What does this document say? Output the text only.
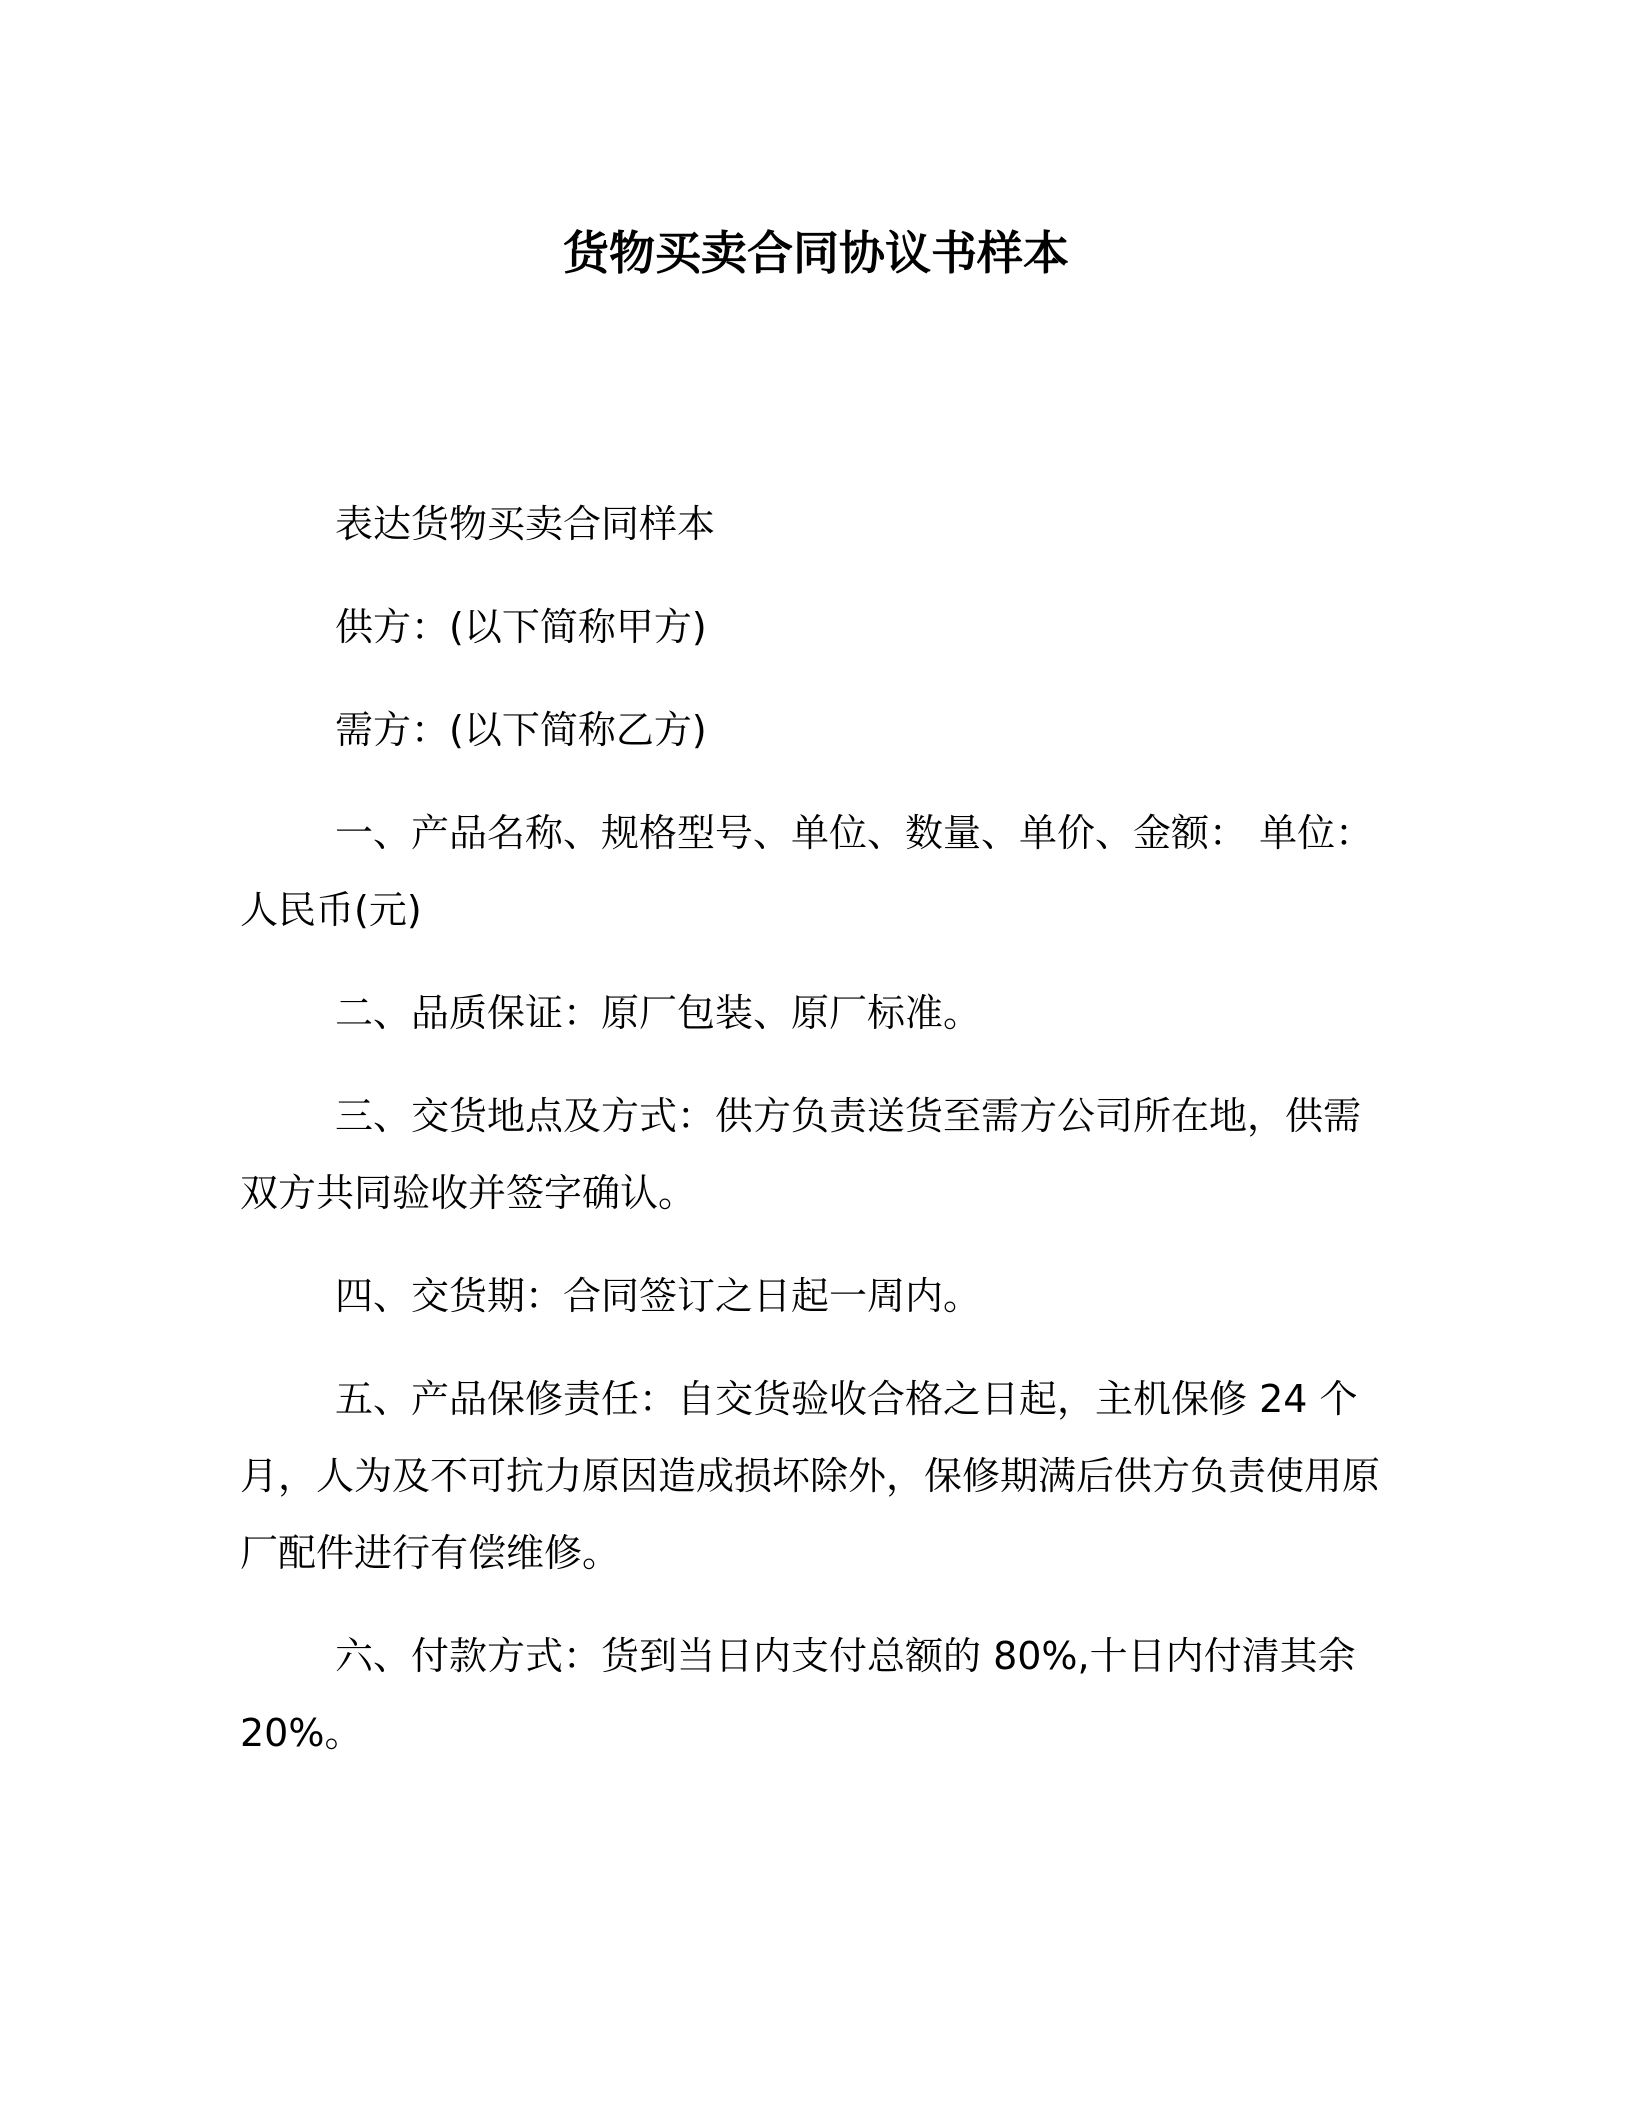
货物买卖合同协议书样本

表达货物买卖合同样本

供方：(以下简称甲方)

需方：(以下简称乙方)

一、产品名称、规格型号、单位、数量、单价、金额： 单位：人民币(元)

二、品质保证：原厂包装、原厂标准。

三、交货地点及方式：供方负责送货至需方公司所在地，供需双方共同验收并签字确认。

四、交货期：合同签订之日起一周内。

五、产品保修责任：自交货验收合格之日起，主机保修 24 个月，人为及不可抗力原因造成损坏除外，保修期满后供方负责使用原厂配件进行有偿维修。

六、付款方式：货到当日内支付总额的 80%,十日内付清其余 20%。
